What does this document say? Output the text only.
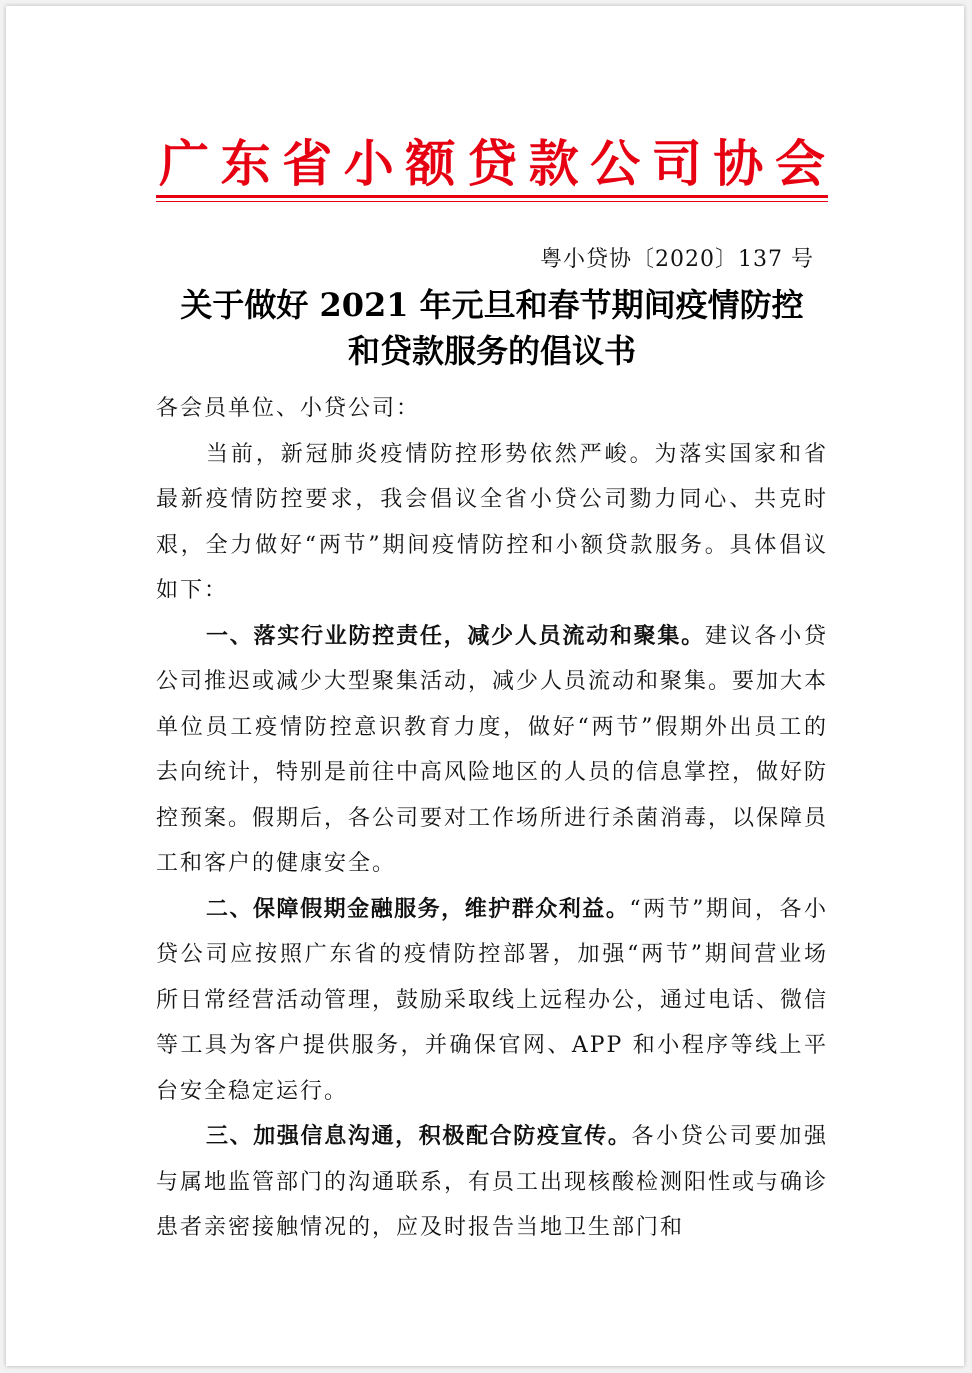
广 东 省 小 额 贷 款 公 司 协 会
粤小贷协〔2020〕137 号
关于做好 2021 年元旦和春节期间疫情防控
和贷款服务的倡议书

各会员单位、小贷公司：

当前，新冠肺炎疫情防控形势依然严峻。为落实国家和省最新疫情防控要求，我会倡议全省小贷公司勠力同心、共克时艰，全力做好“两节”期间疫情防控和小额贷款服务。具体倡议如下：

一、落实行业防控责任，减少人员流动和聚集。建议各小贷公司推迟或减少大型聚集活动，减少人员流动和聚集。要加大本单位员工疫情防控意识教育力度，做好“两节”假期外出员工的去向统计，特别是前往中高风险地区的人员的信息掌控，做好防控预案。假期后，各公司要对工作场所进行杀菌消毒，以保障员工和客户的健康安全。

二、保障假期金融服务，维护群众利益。“两节”期间，各小贷公司应按照广东省的疫情防控部署，加强“两节”期间营业场所日常经营活动管理，鼓励采取线上远程办公，通过电话、微信等工具为客户提供服务，并确保官网、APP 和小程序等线上平台安全稳定运行。

三、加强信息沟通，积极配合防疫宣传。各小贷公司要加强与属地监管部门的沟通联系，有员工出现核酸检测阳性或与确诊患者亲密接触情况的，应及时报告当地卫生部门和
